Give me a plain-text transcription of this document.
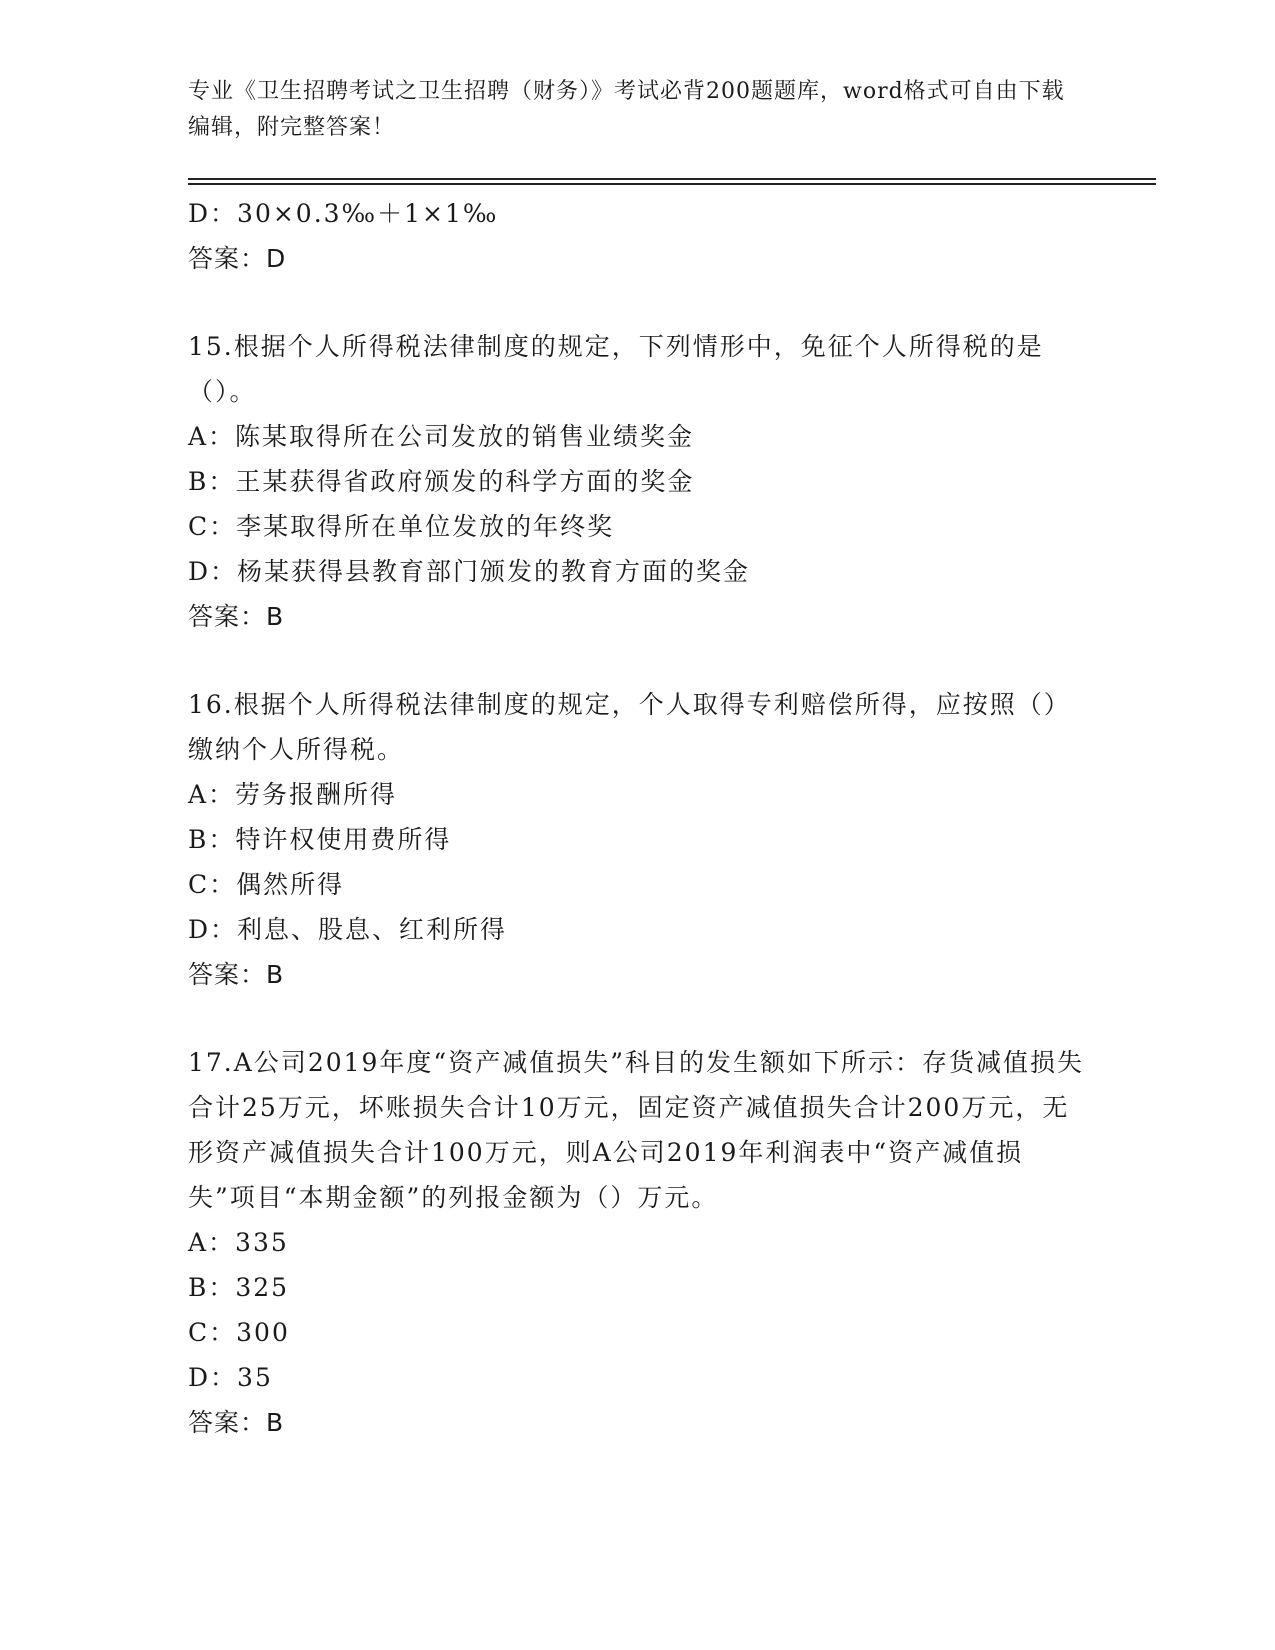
专业《卫生招聘考试之卫生招聘（财务）》考试必背200题题库，word格式可自由下载编辑，附完整答案！
D：30×0.3‰＋1×1‰
答案：D
15.根据个人所得税法律制度的规定，下列情形中，免征个人所得税的是（）。
A：陈某取得所在公司发放的销售业绩奖金
B：王某获得省政府颁发的科学方面的奖金
C：李某取得所在单位发放的年终奖
D：杨某获得县教育部门颁发的教育方面的奖金
答案：B
16.根据个人所得税法律制度的规定，个人取得专利赔偿所得，应按照（）缴纳个人所得税。
A：劳务报酬所得
B：特许权使用费所得
C：偶然所得
D：利息、股息、红利所得
答案：B
17.A公司2019年度“资产减值损失”科目的发生额如下所示：存货减值损失合计25万元，坏账损失合计10万元，固定资产减值损失合计200万元，无形资产减值损失合计100万元，则A公司2019年利润表中“资产减值损失”项目“本期金额”的列报金额为（）万元。
A：335
B：325
C：300
D：35
答案：B
